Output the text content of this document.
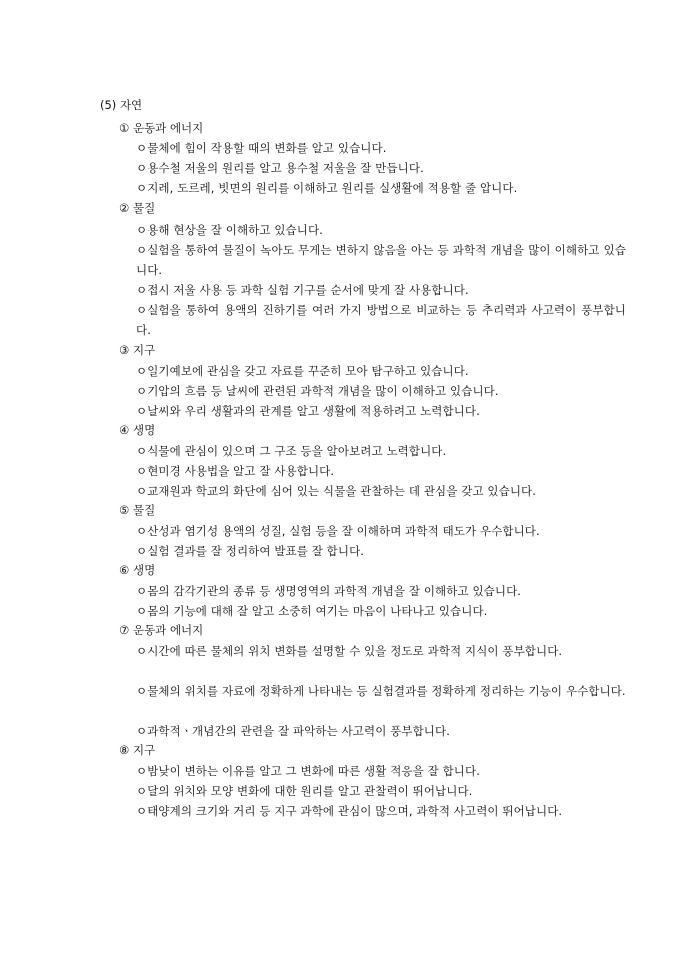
(5) 자연
① 운동과 에너지
ㅇ물체에 힘이 작용할 때의 변화를 알고 있습니다.
ㅇ용수철 저울의 원리를 알고 용수철 저울을 잘 만듭니다.
ㅇ지레, 도르레, 빗면의 원리를 이해하고 원리를 실생활에 적용할 줄 압니다.
② 물질
ㅇ용해 현상을 잘 이해하고 있습니다.
ㅇ실험을 통하여 물질이 녹아도 무게는 변하지 않음을 아는 등 과학적 개념을 많이 이해하고 있습니다.
ㅇ접시 저울 사용 등 과학 실험 기구를 순서에 맞게 잘 사용합니다.
ㅇ실험을 통하여 용액의 진하기를 여러 가지 방법으로 비교하는 등 추리력과 사고력이 풍부합니다.
③ 지구
ㅇ일기예보에 관심을 갖고 자료를 꾸준히 모아 탐구하고 있습니다.
ㅇ기압의 흐름 등 날씨에 관련된 과학적 개념을 많이 이해하고 있습니다.
ㅇ날씨와 우리 생활과의 관계를 알고 생활에 적용하려고 노력합니다.
④ 생명
ㅇ식물에 관심이 있으며 그 구조 등을 알아보려고 노력합니다.
ㅇ현미경 사용법을 알고 잘 사용합니다.
ㅇ교재원과 학교의 화단에 심어 있는 식물을 관찰하는 데 관심을 갖고 있습니다.
⑤ 물질
ㅇ산성과 염기성 용액의 성질, 실험 등을 잘 이해하며 과학적 태도가 우수합니다.
ㅇ실험 결과를 잘 정리하여 발표를 잘 합니다.
⑥ 생명
ㅇ몸의 감각기관의 종류 등 생명영역의 과학적 개념을 잘 이해하고 있습니다.
ㅇ몸의 기능에 대해 잘 알고 소중히 여기는 마음이 나타나고 있습니다.
⑦ 운동과 에너지
ㅇ시간에 따른 물체의 위치 변화를 설명할 수 있을 정도로 과학적 지식이 풍부합니다.
ㅇ물체의 위치를 자료에 정확하게 나타내는 등 실험결과를 정확하게 정리하는 기능이 우수합니다.
ㅇ과학적ㆍ개념간의 관련을 잘 파악하는 사고력이 풍부합니다.
⑧ 지구
ㅇ밤낮이 변하는 이유를 알고 그 변화에 따른 생활 적응을 잘 합니다.
ㅇ달의 위치와 모양 변화에 대한 원리를 알고 관찰력이 뛰어납니다.
ㅇ태양계의 크기와 거리 등 지구 과학에 관심이 많으며, 과학적 사고력이 뛰어납니다.
